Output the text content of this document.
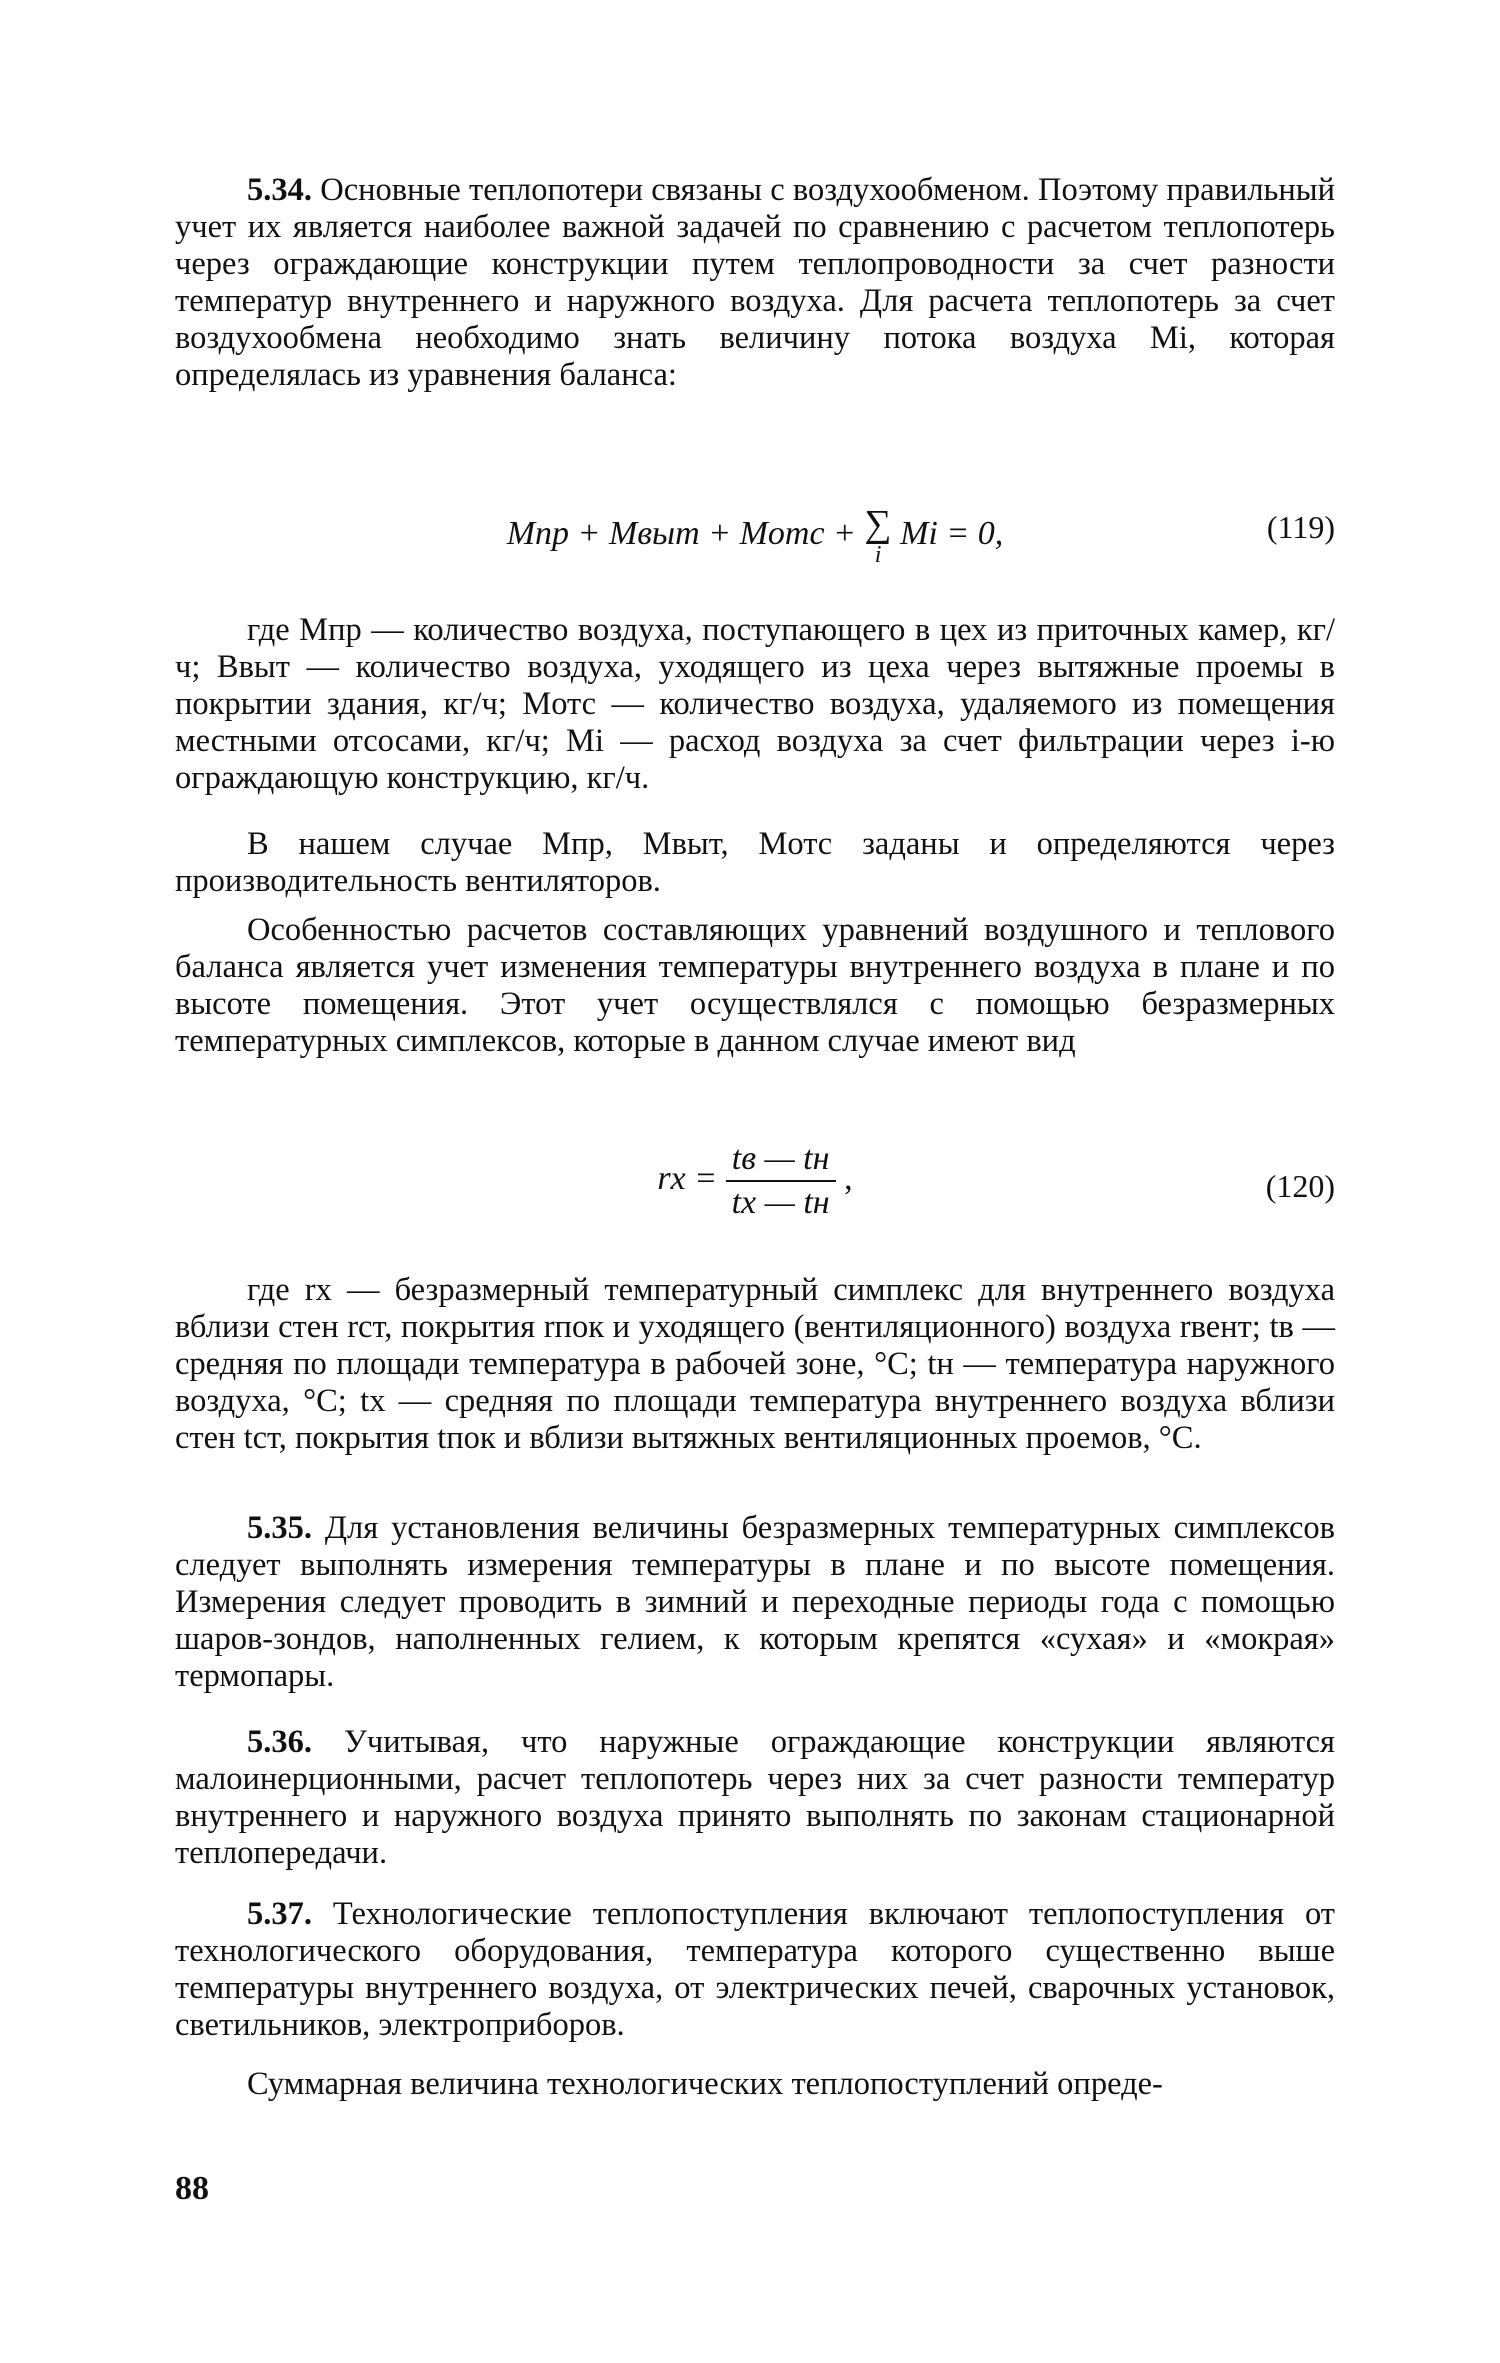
5.34. Основные теплопотери связаны с воздухообменом. Поэтому правильный учет их является наиболее важной задачей по сравнению с расчетом теплопотерь через ограждающие конструкции путем теплопроводности за счет разности температур внутреннего и наружного воздуха. Для расчета теплопотерь за счет воздухообмена необходимо знать величину потока воздуха Mi, которая определялась из уравнения баланса:

Mпр + Mвыт + Mотс + ∑
i
Mi = 0,	(119)

где Mпр — количество воздуха, поступающего в цех из приточных камер, кг/ч; Bвыт — количество воздуха, уходящего из цеха через вытяжные проемы в покрытии здания, кг/ч; Mотс — количество воздуха, удаляемого из помещения местными отсосами, кг/ч; Mi — расход воздуха за счет фильтрации через i-ю ограждающую конструкцию, кг/ч.

В нашем случае Mпр, Mвыт, Mотс заданы и определяются через производительность вентиляторов.

Особенностью расчетов составляющих уравнений воздушного и теплового баланса является учет изменения температуры внутреннего воздуха в плане и по высоте помещения. Этот учет осуществлялся с помощью безразмерных температурных симплексов, которые в данном случае имеют вид

rx = $\frac{tв — tн}{tx — tн}$ ,	(120)

где rx — безразмерный температурный симплекс для внутреннего воздуха вблизи стен rст, покрытия rпок и уходящего (вентиляционного) воздуха rвент; tв — средняя по площади температура в рабочей зоне, °С; tн — температура наружного воздуха, °С; tx — средняя по площади температура внутреннего воздуха вблизи стен tст, покрытия tпок и вблизи вытяжных вентиляционных проемов, °С.

5.35. Для установления величины безразмерных температурных симплексов следует выполнять измерения температуры в плане и по высоте помещения. Измерения следует проводить в зимний и переходные периоды года с помощью шаров-зондов, наполненных гелием, к которым крепятся «сухая» и «мокрая» термопары.

5.36. Учитывая, что наружные ограждающие конструкции являются малоинерционными, расчет теплопотерь через них за счет разности температур внутреннего и наружного воздуха принято выполнять по законам стационарной теплопередачи.

5.37. Технологические теплопоступления включают теплопоступления от технологического оборудования, температура которого существенно выше температуры внутреннего воздуха, от электрических печей, сварочных установок, светильников, электроприборов.

Суммарная величина технологических теплопоступлений опреде-

88
